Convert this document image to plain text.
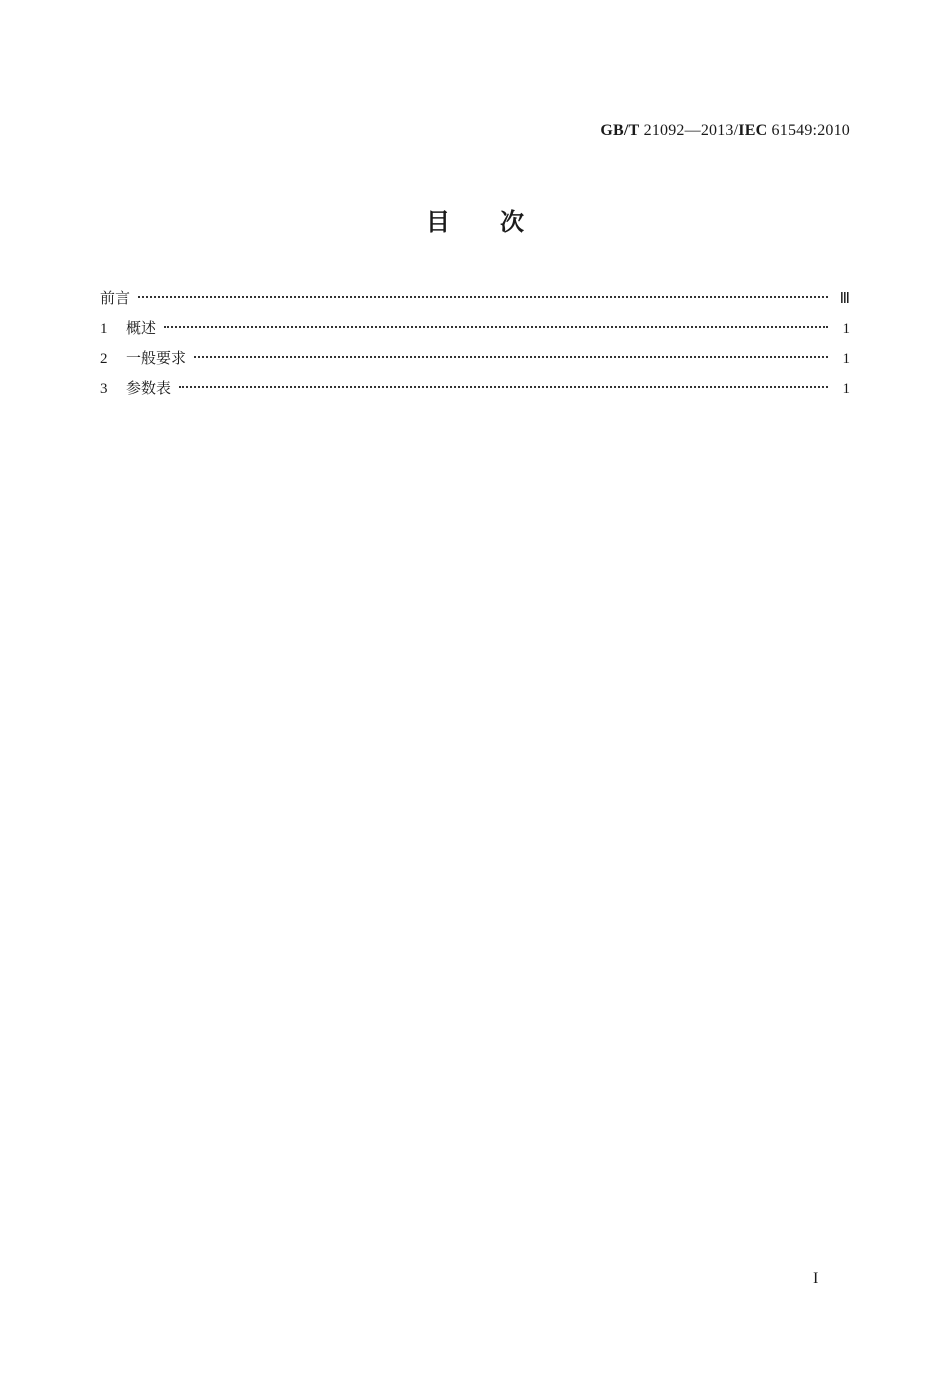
GB/T 21092—2013/IEC 61549:2010
目次
前言	Ⅲ
1	概述	1
2	一般要求	1
3	参数表	1
I
